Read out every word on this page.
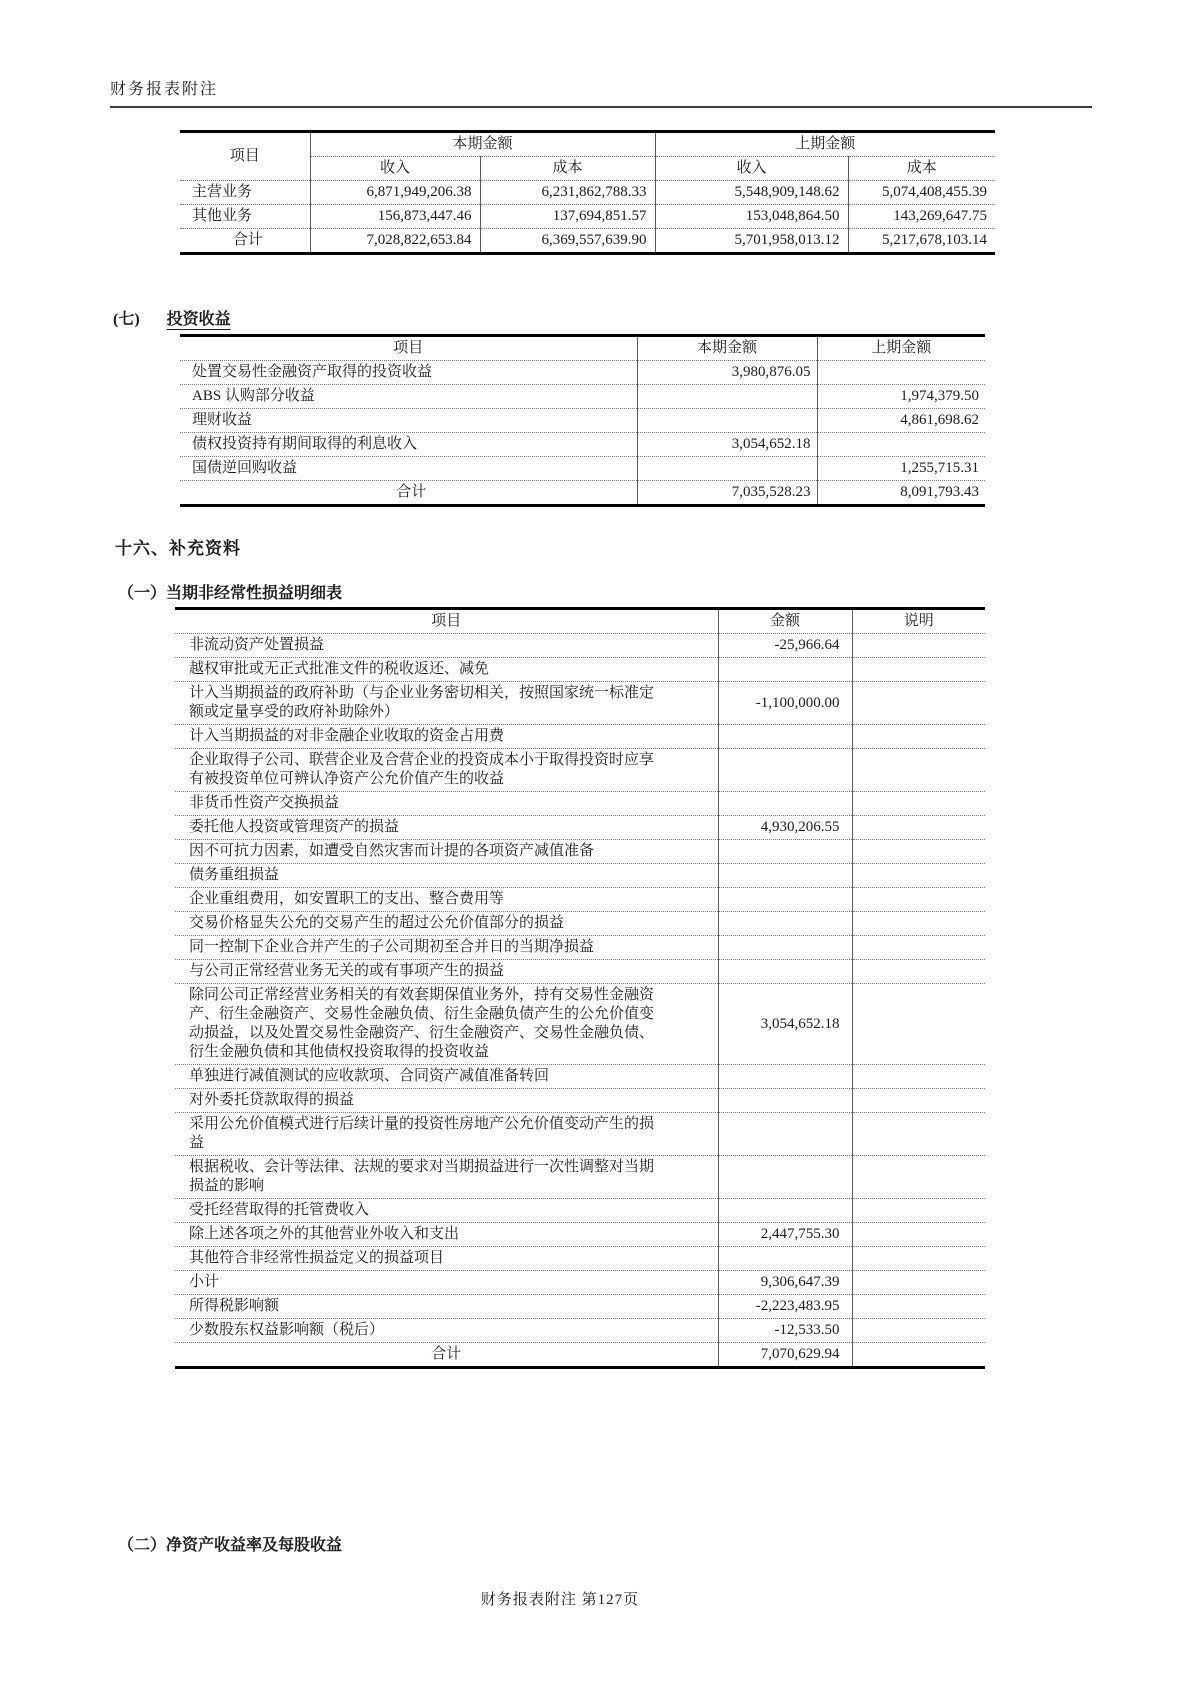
财务报表附注
项目	本期金额		上期金额	
	收入	成本	收入	成本
主营业务	6,871,949,206.38	6,231,862,788.33	5,548,909,148.62	5,074,408,455.39
其他业务	156,873,447.46	137,694,851.57	153,048,864.50	143,269,647.75
合计	7,028,822,653.84	6,369,557,639.90	5,701,958,013.12	5,217,678,103.14
(七) 投资收益
项目	本期金额	上期金额
处置交易性金融资产取得的投资收益	3,980,876.05	
ABS 认购部分收益		1,974,379.50
理财收益		4,861,698.62
债权投资持有期间取得的利息收入	3,054,652.18	
国债逆回购收益		1,255,715.31
合计	7,035,528.23	8,091,793.43
十六、补充资料
（一）当期非经常性损益明细表
项目	金额	说明
非流动资产处置损益	-25,966.64	
越权审批或无正式批准文件的税收返还、减免		
计入当期损益的政府补助（与企业业务密切相关，按照国家统一标准定额或定量享受的政府补助除外）	-1,100,000.00	
计入当期损益的对非金融企业收取的资金占用费		
企业取得子公司、联营企业及合营企业的投资成本小于取得投资时应享有被投资单位可辨认净资产公允价值产生的收益		
非货币性资产交换损益		
委托他人投资或管理资产的损益	4,930,206.55	
因不可抗力因素，如遭受自然灾害而计提的各项资产减值准备		
债务重组损益		
企业重组费用，如安置职工的支出、整合费用等		
交易价格显失公允的交易产生的超过公允价值部分的损益		
同一控制下企业合并产生的子公司期初至合并日的当期净损益		
与公司正常经营业务无关的或有事项产生的损益		
除同公司正常经营业务相关的有效套期保值业务外，持有交易性金融资产、衍生金融资产、交易性金融负债、衍生金融负债产生的公允价值变动损益，以及处置交易性金融资产、衍生金融资产、交易性金融负债、衍生金融负债和其他债权投资取得的投资收益	3,054,652.18	
单独进行减值测试的应收款项、合同资产减值准备转回		
对外委托贷款取得的损益		
采用公允价值模式进行后续计量的投资性房地产公允价值变动产生的损益		
根据税收、会计等法律、法规的要求对当期损益进行一次性调整对当期损益的影响		
受托经营取得的托管费收入		
除上述各项之外的其他营业外收入和支出	2,447,755.30	
其他符合非经常性损益定义的损益项目		
小计	9,306,647.39	
所得税影响额	-2,223,483.95	
少数股东权益影响额（税后）	-12,533.50	
合计	7,070,629.94	
（二）净资产收益率及每股收益
财务报表附注 第127页
